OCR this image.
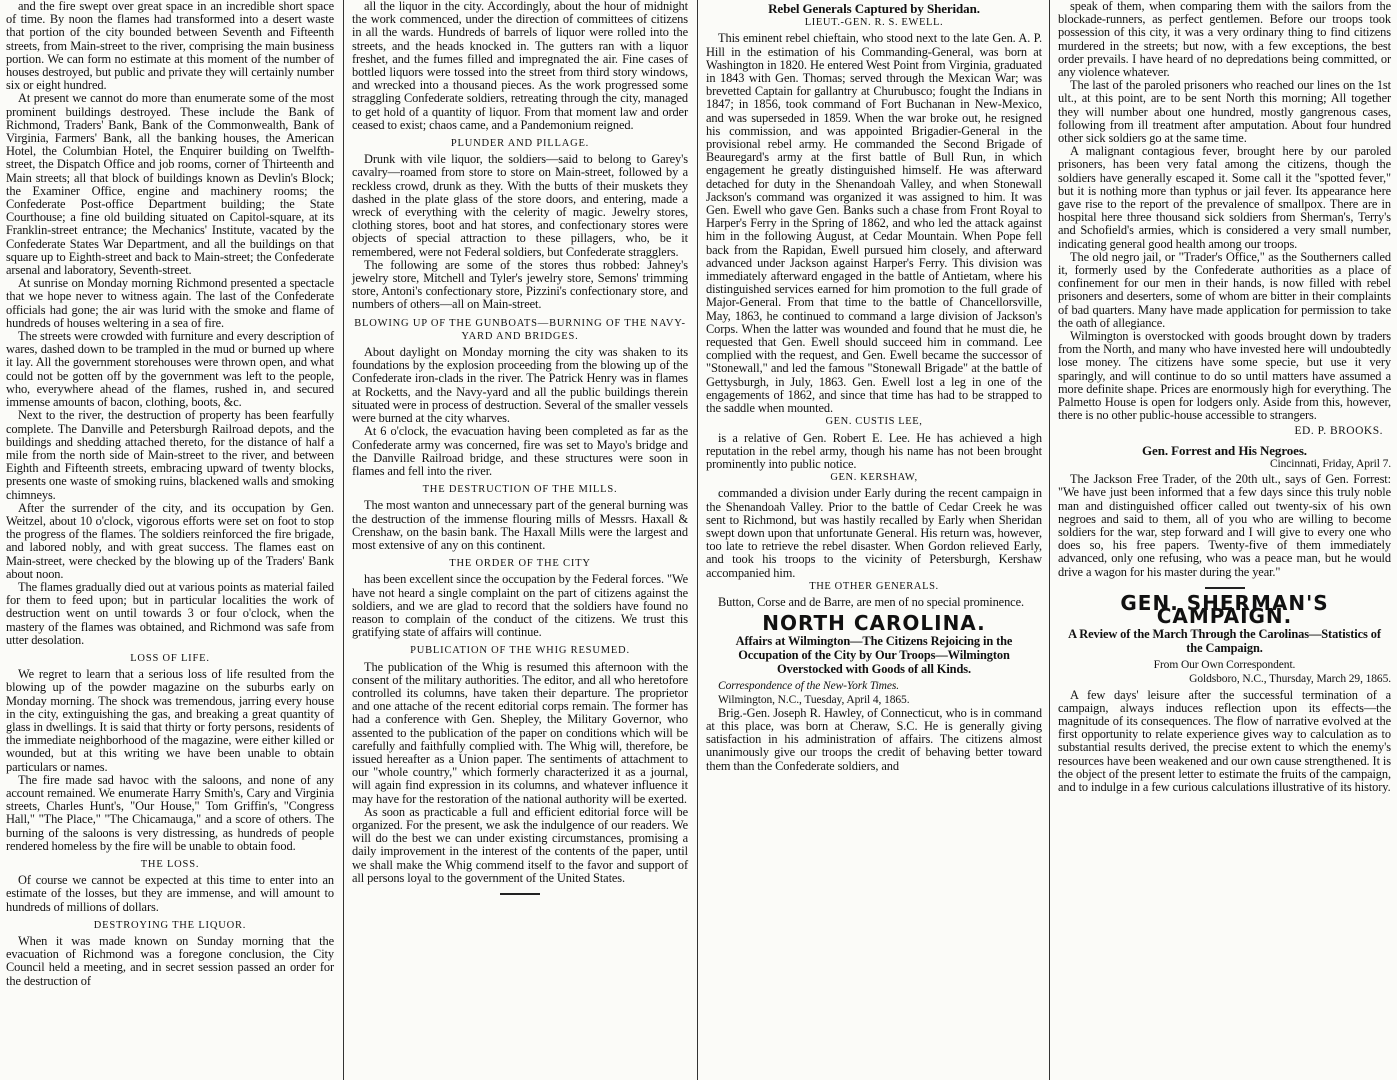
and the fire swept over great space in an incredible short space of time. By noon the flames had transformed into a desert waste that portion of the city bounded between Seventh and Fifteenth streets, from Main-street to the river, comprising the main business portion. We can form no estimate at this moment of the number of houses destroyed, but public and private they will certainly number six or eight hundred.

At present we cannot do more than enumerate some of the most prominent buildings destroyed. These include the Bank of Richmond, Traders' Bank, Bank of the Commonwealth, Bank of Virginia, Farmers' Bank, all the banking houses, the American Hotel, the Columbian Hotel, the Enquirer building on Twelfth-street, the Dispatch Office and job rooms, corner of Thirteenth and Main streets; all that block of buildings known as Devlin's Block; the Examiner Office, engine and machinery rooms; the Confederate Post-office Department building; the State Courthouse; a fine old building situated on Capitol-square, at its Franklin-street entrance; the Mechanics' Institute, vacated by the Confederate States War Department, and all the buildings on that square up to Eighth-street and back to Main-street; the Confederate arsenal and laboratory, Seventh-street.

At sunrise on Monday morning Richmond presented a spectacle that we hope never to witness again. The last of the Confederate officials had gone; the air was lurid with the smoke and flame of hundreds of houses weltering in a sea of fire.

The streets were crowded with furniture and every description of wares, dashed down to be trampled in the mud or burned up where it lay. All the government storehouses were thrown open, and what could not be gotten off by the government was left to the people, who, everywhere ahead of the flames, rushed in, and secured immense amounts of bacon, clothing, boots, &c.

Next to the river, the destruction of property has been fearfully complete. The Danville and Petersburgh Railroad depots, and the buildings and shedding attached thereto, for the distance of half a mile from the north side of Main-street to the river, and between Eighth and Fifteenth streets, embracing upward of twenty blocks, presents one waste of smoking ruins, blackened walls and smoking chimneys.

After the surrender of the city, and its occupation by Gen. Weitzel, about 10 o'clock, vigorous efforts were set on foot to stop the progress of the flames. The soldiers reinforced the fire brigade, and labored nobly, and with great success. The flames east on Main-street, were checked by the blowing up of the Traders' Bank about noon.

The flames gradually died out at various points as material failed for them to feed upon; but in particular localities the work of destruction went on until towards 3 or four o'clock, when the mastery of the flames was obtained, and Richmond was safe from utter desolation.

LOSS OF LIFE.

We regret to learn that a serious loss of life resulted from the blowing up of the powder magazine on the suburbs early on Monday morning. The shock was tremendous, jarring every house in the city, extinguishing the gas, and breaking a great quantity of glass in dwellings. It is said that thirty or forty persons, residents of the immediate neighborhood of the magazine, were either killed or wounded, but at this writing we have been unable to obtain particulars or names.

The fire made sad havoc with the saloons, and none of any account remained. We enumerate Harry Smith's, Cary and Virginia streets, Charles Hunt's, "Our House," Tom Griffin's, "Congress Hall," "The Place," "The Chicamauga," and a score of others. The burning of the saloons is very distressing, as hundreds of people rendered homeless by the fire will be unable to obtain food.

THE LOSS.

Of course we cannot be expected at this time to enter into an estimate of the losses, but they are immense, and will amount to hundreds of millions of dollars.

DESTROYING THE LIQUOR.

When it was made known on Sunday morning that the evacuation of Richmond was a foregone conclusion, the City Council held a meeting, and in secret session passed an order for the destruction of

all the liquor in the city. Accordingly, about the hour of midnight the work commenced, under the direction of committees of citizens in all the wards. Hundreds of barrels of liquor were rolled into the streets, and the heads knocked in. The gutters ran with a liquor freshet, and the fumes filled and impregnated the air. Fine cases of bottled liquors were tossed into the street from third story windows, and wrecked into a thousand pieces. As the work progressed some straggling Confederate soldiers, retreating through the city, managed to get hold of a quantity of liquor. From that moment law and order ceased to exist; chaos came, and a Pandemonium reigned.

PLUNDER AND PILLAGE.

Drunk with vile liquor, the soldiers—said to belong to Garey's cavalry—roamed from store to store on Main-street, followed by a reckless crowd, drunk as they. With the butts of their muskets they dashed in the plate glass of the store doors, and entering, made a wreck of everything with the celerity of magic. Jewelry stores, clothing stores, boot and hat stores, and confectionary stores were objects of special attraction to these pillagers, who, be it remembered, were not Federal soldiers, but Confederate stragglers.

The following are some of the stores thus robbed: Jahney's jewelry store, Mitchell and Tyler's jewelry store, Semons' trimming store, Antoni's confectionary store, Pizzini's confectionary store, and numbers of others—all on Main-street.

BLOWING UP OF THE GUNBOATS—BURNING OF THE NAVY-YARD AND BRIDGES.

About daylight on Monday morning the city was shaken to its foundations by the explosion proceeding from the blowing up of the Confederate iron-clads in the river. The Patrick Henry was in flames at Rocketts, and the Navy-yard and all the public buildings therein situated were in process of destruction. Several of the smaller vessels were burned at the city wharves.

At 6 o'clock, the evacuation having been completed as far as the Confederate army was concerned, fire was set to Mayo's bridge and the Danville Railroad bridge, and these structures were soon in flames and fell into the river.

THE DESTRUCTION OF THE MILLS.

The most wanton and unnecessary part of the general burning was the destruction of the immense flouring mills of Messrs. Haxall & Crenshaw, on the basin bank. The Haxall Mills were the largest and most extensive of any on this continent.

THE ORDER OF THE CITY

has been excellent since the occupation by the Federal forces. "We have not heard a single complaint on the part of citizens against the soldiers, and we are glad to record that the soldiers have found no reason to complain of the conduct of the citizens. We trust this gratifying state of affairs will continue.

PUBLICATION OF THE WHIG RESUMED.

The publication of the Whig is resumed this afternoon with the consent of the military authorities. The editor, and all who heretofore controlled its columns, have taken their departure. The proprietor and one attache of the recent editorial corps remain. The former has had a conference with Gen. Shepley, the Military Governor, who assented to the publication of the paper on conditions which will be carefully and faithfully complied with. The Whig will, therefore, be issued hereafter as a Union paper. The sentiments of attachment to our "whole country," which formerly characterized it as a journal, will again find expression in its columns, and whatever influence it may have for the restoration of the national authority will be exerted.

As soon as practicable a full and efficient editorial force will be organized. For the present, we ask the indulgence of our readers. We will do the best we can under existing circumstances, promising a daily improvement in the interest of the contents of the paper, until we shall make the Whig commend itself to the favor and support of all persons loyal to the government of the United States.

Rebel Generals Captured by Sheridan.
LIEUT.-GEN. R. S. EWELL.

This eminent rebel chieftain, who stood next to the late Gen. A. P. Hill in the estimation of his Commanding-General, was born at Washington in 1820. He entered West Point from Virginia, graduated in 1843 with Gen. Thomas; served through the Mexican War; was brevetted Captain for gallantry at Churubusco; fought the Indians in 1847; in 1856, took command of Fort Buchanan in New-Mexico, and was superseded in 1859. When the war broke out, he resigned his commission, and was appointed Brigadier-General in the provisional rebel army. He commanded the Second Brigade of Beauregard's army at the first battle of Bull Run, in which engagement he greatly distinguished himself. He was afterward detached for duty in the Shenandoah Valley, and when Stonewall Jackson's command was organized it was assigned to him. It was Gen. Ewell who gave Gen. Banks such a chase from Front Royal to Harper's Ferry in the Spring of 1862, and who led the attack against him in the following August, at Cedar Mountain. When Pope fell back from the Rapidan, Ewell pursued him closely, and afterward advanced under Jackson against Harper's Ferry. This division was immediately afterward engaged in the battle of Antietam, where his distinguished services earned for him promotion to the full grade of Major-General. From that time to the battle of Chancellorsville, May, 1863, he continued to command a large division of Jackson's Corps. When the latter was wounded and found that he must die, he requested that Gen. Ewell should succeed him in command. Lee complied with the request, and Gen. Ewell became the successor of "Stonewall," and led the famous "Stonewall Brigade" at the battle of Gettysburgh, in July, 1863. Gen. Ewell lost a leg in one of the engagements of 1862, and since that time has had to be strapped to the saddle when mounted.

GEN. CUSTIS LEE,

is a relative of Gen. Robert E. Lee. He has achieved a high reputation in the rebel army, though his name has not been brought prominently into public notice.

GEN. KERSHAW,

commanded a division under Early during the recent campaign in the Shenandoah Valley. Prior to the battle of Cedar Creek he was sent to Richmond, but was hastily recalled by Early when Sheridan swept down upon that unfortunate General. His return was, however, too late to retrieve the rebel disaster. When Gordon relieved Early, and took his troops to the vicinity of Petersburgh, Kershaw accompanied him.

THE OTHER GENERALS.

Button, Corse and de Barre, are men of no special prominence.

NORTH CAROLINA.
Affairs at Wilmington—The Citizens Rejoicing in the Occupation of the City by Our Troops—Wilmington Overstocked with Goods of all Kinds.
Correspondence of the New-York Times.
Wilmington, N.C., Tuesday, April 4, 1865.

Brig.-Gen. Joseph R. Hawley, of Connecticut, who is in command at this place, was born at Cheraw, S.C. He is generally giving satisfaction in his administration of affairs. The citizens almost unanimously give our troops the credit of behaving better toward them than the Confederate soldiers, and

speak of them, when comparing them with the sailors from the blockade-runners, as perfect gentlemen. Before our troops took possession of this city, it was a very ordinary thing to find citizens murdered in the streets; but now, with a few exceptions, the best order prevails. I have heard of no depredations being committed, or any violence whatever.

The last of the paroled prisoners who reached our lines on the 1st ult., at this point, are to be sent North this morning; All together they will number about one hundred, mostly gangrenous cases, following from ill treatment after amputation. About four hundred other sick soldiers go at the same time.

A malignant contagious fever, brought here by our paroled prisoners, has been very fatal among the citizens, though the soldiers have generally escaped it. Some call it the "spotted fever," but it is nothing more than typhus or jail fever. Its appearance here gave rise to the report of the prevalence of smallpox. There are in hospital here three thousand sick soldiers from Sherman's, Terry's and Schofield's armies, which is considered a very small number, indicating general good health among our troops.

The old negro jail, or "Trader's Office," as the Southerners called it, formerly used by the Confederate authorities as a place of confinement for our men in their hands, is now filled with rebel prisoners and deserters, some of whom are bitter in their complaints of bad quarters. Many have made application for permission to take the oath of allegiance.

Wilmington is overstocked with goods brought down by traders from the North, and many who have invested here will undoubtedly lose money. The citizens have some specie, but use it very sparingly, and will continue to do so until matters have assumed a more definite shape. Prices are enormously high for everything. The Palmetto House is open for lodgers only. Aside from this, however, there is no other public-house accessible to strangers.

ED. P. BROOKS.
Gen. Forrest and His Negroes.
Cincinnati, Friday, April 7.

The Jackson Free Trader, of the 20th ult., says of Gen. Forrest: "We have just been informed that a few days since this truly noble man and distinguished officer called out twenty-six of his own negroes and said to them, all of you who are willing to become soldiers for the war, step forward and I will give to every one who does so, his free papers. Twenty-five of them immediately advanced, only one refusing, who was a peace man, but he would drive a wagon for his master during the year."

GEN. SHERMAN'S CAMPAIGN.
A Review of the March Through the Carolinas—Statistics of the Campaign.
From Our Own Correspondent.
Goldsboro, N.C., Thursday, March 29, 1865.

A few days' leisure after the successful termination of a campaign, always induces reflection upon its effects—the magnitude of its consequences. The flow of narrative evolved at the first opportunity to relate experience gives way to calculation as to substantial results derived, the precise extent to which the enemy's resources have been weakened and our own cause strengthened. It is the object of the present letter to estimate the fruits of the campaign, and to indulge in a few curious calculations illustrative of its history.
